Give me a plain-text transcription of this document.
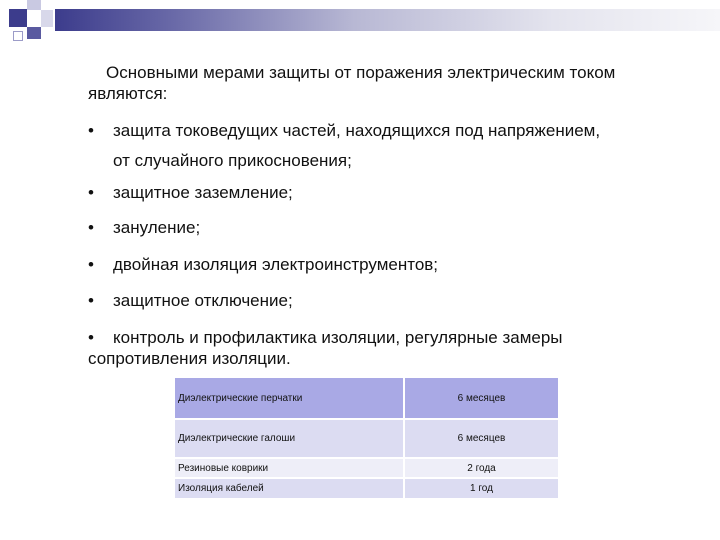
Основными мерами защиты от поражения электрическим током
являются:
• защита токоведущих частей, находящихся под напряжением,
от случайного прикосновения;
• защитное заземление;
• зануление;
• двойная изоляция электроинструментов;
• защитное отключение;
• контроль и профилактика изоляции, регулярные замеры
сопротивления изоляции.
Диэлектрические перчатки	6 месяцев
Диэлектрические галоши	6 месяцев
Резиновые коврики	2 года
Изоляция кабелей	1 год
